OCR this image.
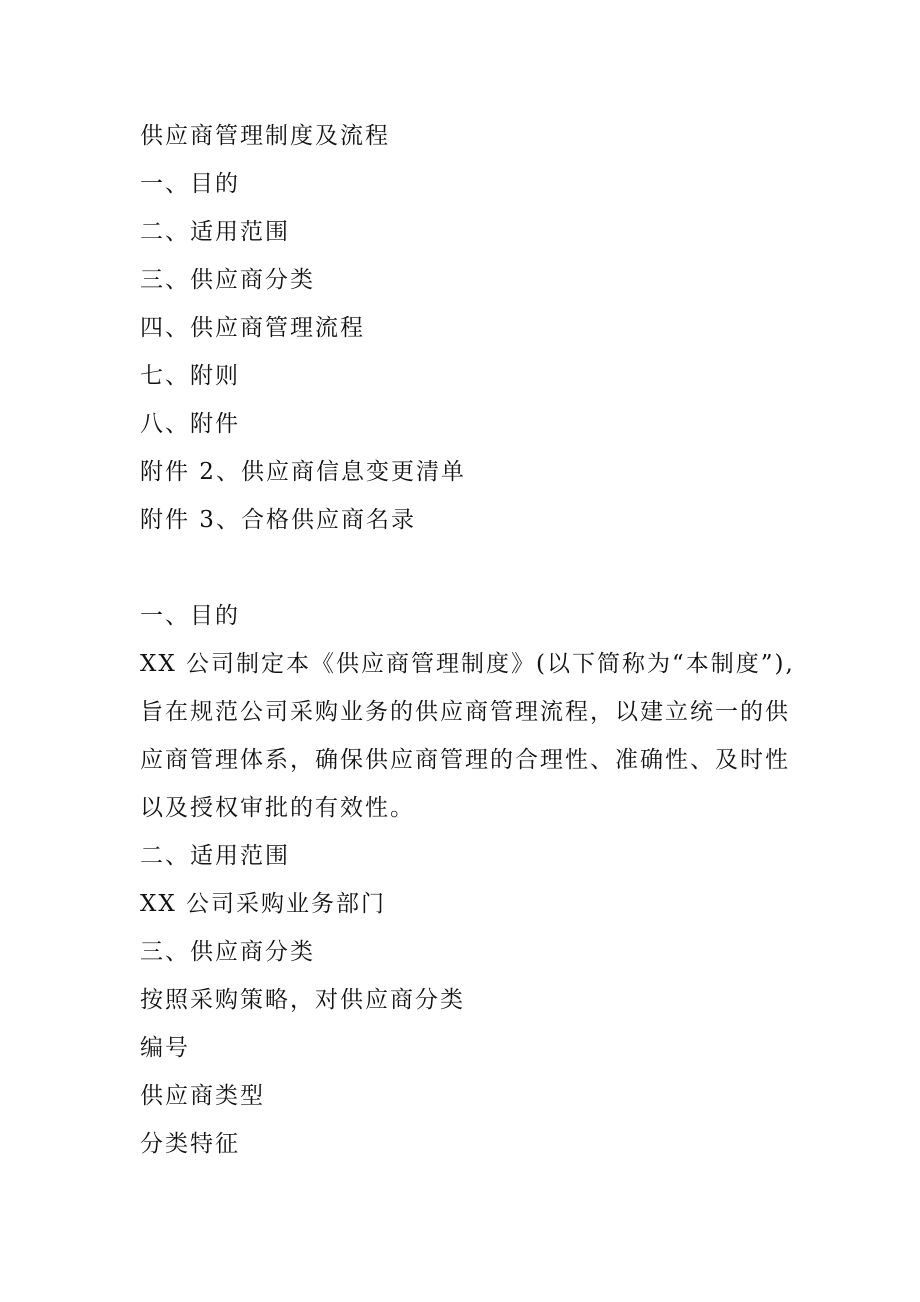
供应商管理制度及流程
一、目的
二、适用范围
三、供应商分类
四、供应商管理流程
七、附则
八、附件
附件 2、供应商信息变更清单
附件 3、合格供应商名录
一、目的
XX 公司制定本《供应商管理制度》(以下简称为“本制度”),
旨在规范公司采购业务的供应商管理流程，以建立统一的供
应商管理体系，确保供应商管理的合理性、准确性、及时性
以及授权审批的有效性。
二、适用范围
XX 公司采购业务部门
三、供应商分类
按照采购策略，对供应商分类
编号
供应商类型
分类特征
